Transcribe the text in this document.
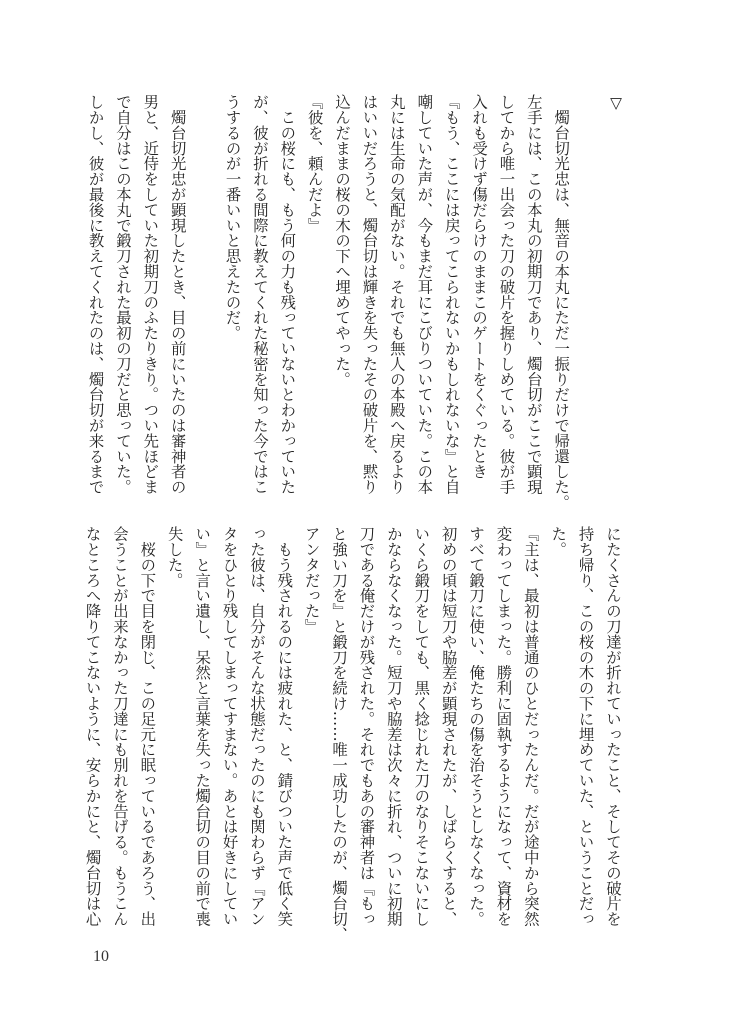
▽
　燭台切光忠は、無音の本丸にただ一振りだけで帰還した。
左手には、この本丸の初期刀であり、燭台切がここで顕現
してから唯一出会った刀の破片を握りしめている。彼が手
入れも受けず傷だらけのままこのゲートをくぐったとき
『もう、ここには戻ってこられないかもしれないな』と自
嘲していた声が、今もまだ耳にこびりついていた。この本
丸には生命の気配がない。それでも無人の本殿へ戻るより
はいいだろうと、燭台切は輝きを失ったその破片を、黙り
込んだままの桜の木の下へ埋めてやった。
『彼を、頼んだよ』
　この桜にも、もう何の力も残っていないとわかっていた
が、彼が折れる間際に教えてくれた秘密を知った今ではこ
うするのが一番いいと思えたのだ。
　燭台切光忠が顕現したとき、目の前にいたのは審神者の
男と、近侍をしていた初期刀のふたりきり。つい先ほどま
で自分はこの本丸で鍛刀された最初の刀だと思っていた。
しかし、彼が最後に教えてくれたのは、燭台切が来るまで
にたくさんの刀達が折れていったこと、そしてその破片を
持ち帰り、この桜の木の下に埋めていた、ということだっ
た。
『主は、最初は普通のひとだったんだ。だが途中から突然
変わってしまった。勝利に固執するようになって、資材を
すべて鍛刀に使い、俺たちの傷を治そうとしなくなった。
初めの頃は短刀や脇差が顕現されたが、しばらくすると、
いくら鍛刀をしても、黒く捻じれた刀のなりそこないにし
かならなくなった。短刀や脇差は次々に折れ、ついに初期
刀である俺だけが残された。それでもあの審神者は『もっ
と強い刀を』と鍛刀を続け……唯一成功したのが、燭台切、
アンタだった』
　もう残されるのには疲れた、と、錆びついた声で低く笑
った彼は、自分がそんな状態だったのにも関わらず『アン
タをひとり残してしまってすまない。あとは好きにしてい
い』と言い遺し、呆然と言葉を失った燭台切の目の前で喪
失した。
　桜の下で目を閉じ、この足元に眠っているであろう、出
会うことが出来なかった刀達にも別れを告げる。もうこん
なところへ降りてこないように、安らかにと、燭台切は心
10
